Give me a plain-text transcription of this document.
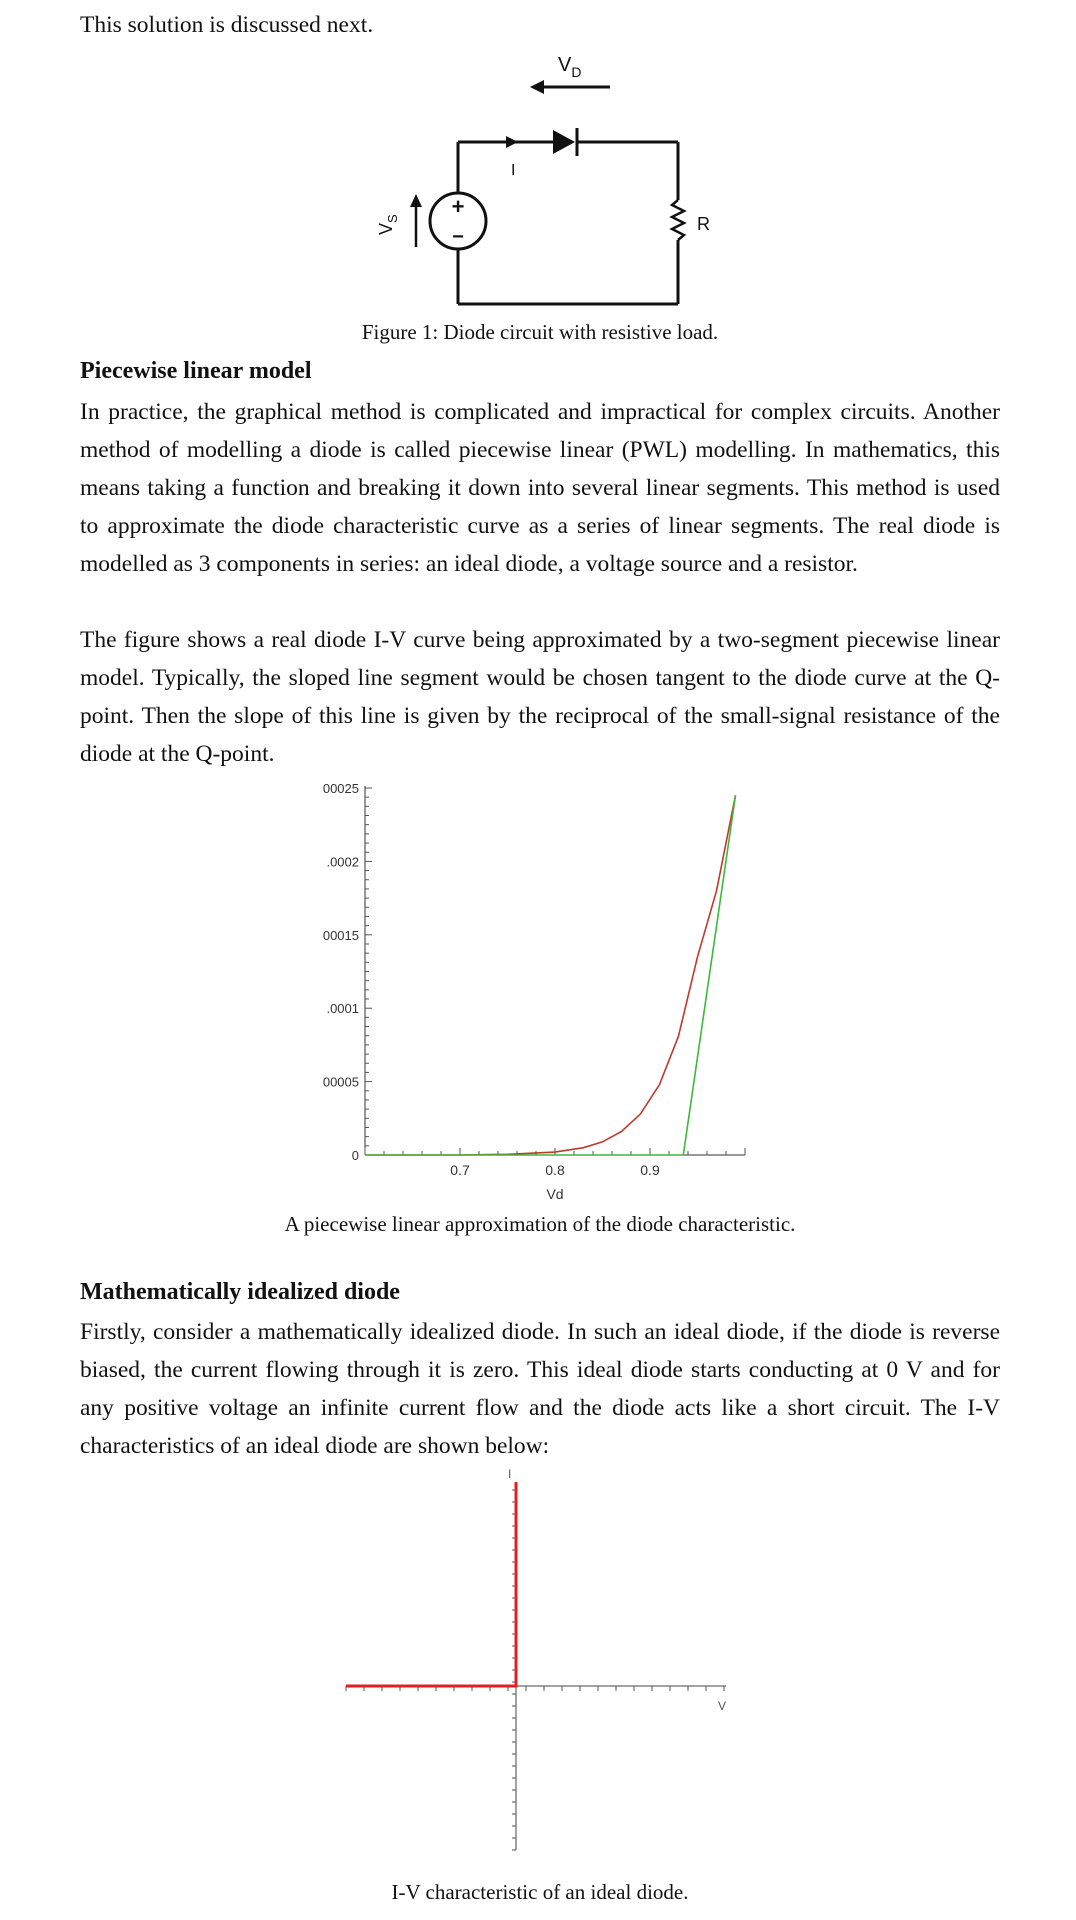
This solution is discussed next.

$V_D$
I
R
+
−
$V_S$

Figure 1: Diode circuit with resistive load.

Piecewise linear model

In practice, the graphical method is complicated and impractical for complex circuits. Another method of modelling a diode is called piecewise linear (PWL) modelling. In mathematics, this means taking a function and breaking it down into several linear segments. This method is used to approximate the diode characteristic curve as a series of linear segments. The real diode is modelled as 3 components in series: an ideal diode, a voltage source and a resistor.

The figure shows a real diode I-V curve being approximated by a two-segment piecewise linear model. Typically, the sloped line segment would be chosen tangent to the diode curve at the Q-point. Then the slope of this line is given by the reciprocal of the small-signal resistance of the diode at the Q-point.

0
00005
.0001
00015
.0002
00025
0.7	0.8	0.9
Vd

A piecewise linear approximation of the diode characteristic.

Mathematically idealized diode

Firstly, consider a mathematically idealized diode. In such an ideal diode, if the diode is reverse biased, the current flowing through it is zero. This ideal diode starts conducting at 0 V and for any positive voltage an infinite current flow and the diode acts like a short circuit. The I-V characteristics of an ideal diode are shown below:

I
V

I-V characteristic of an ideal diode.
